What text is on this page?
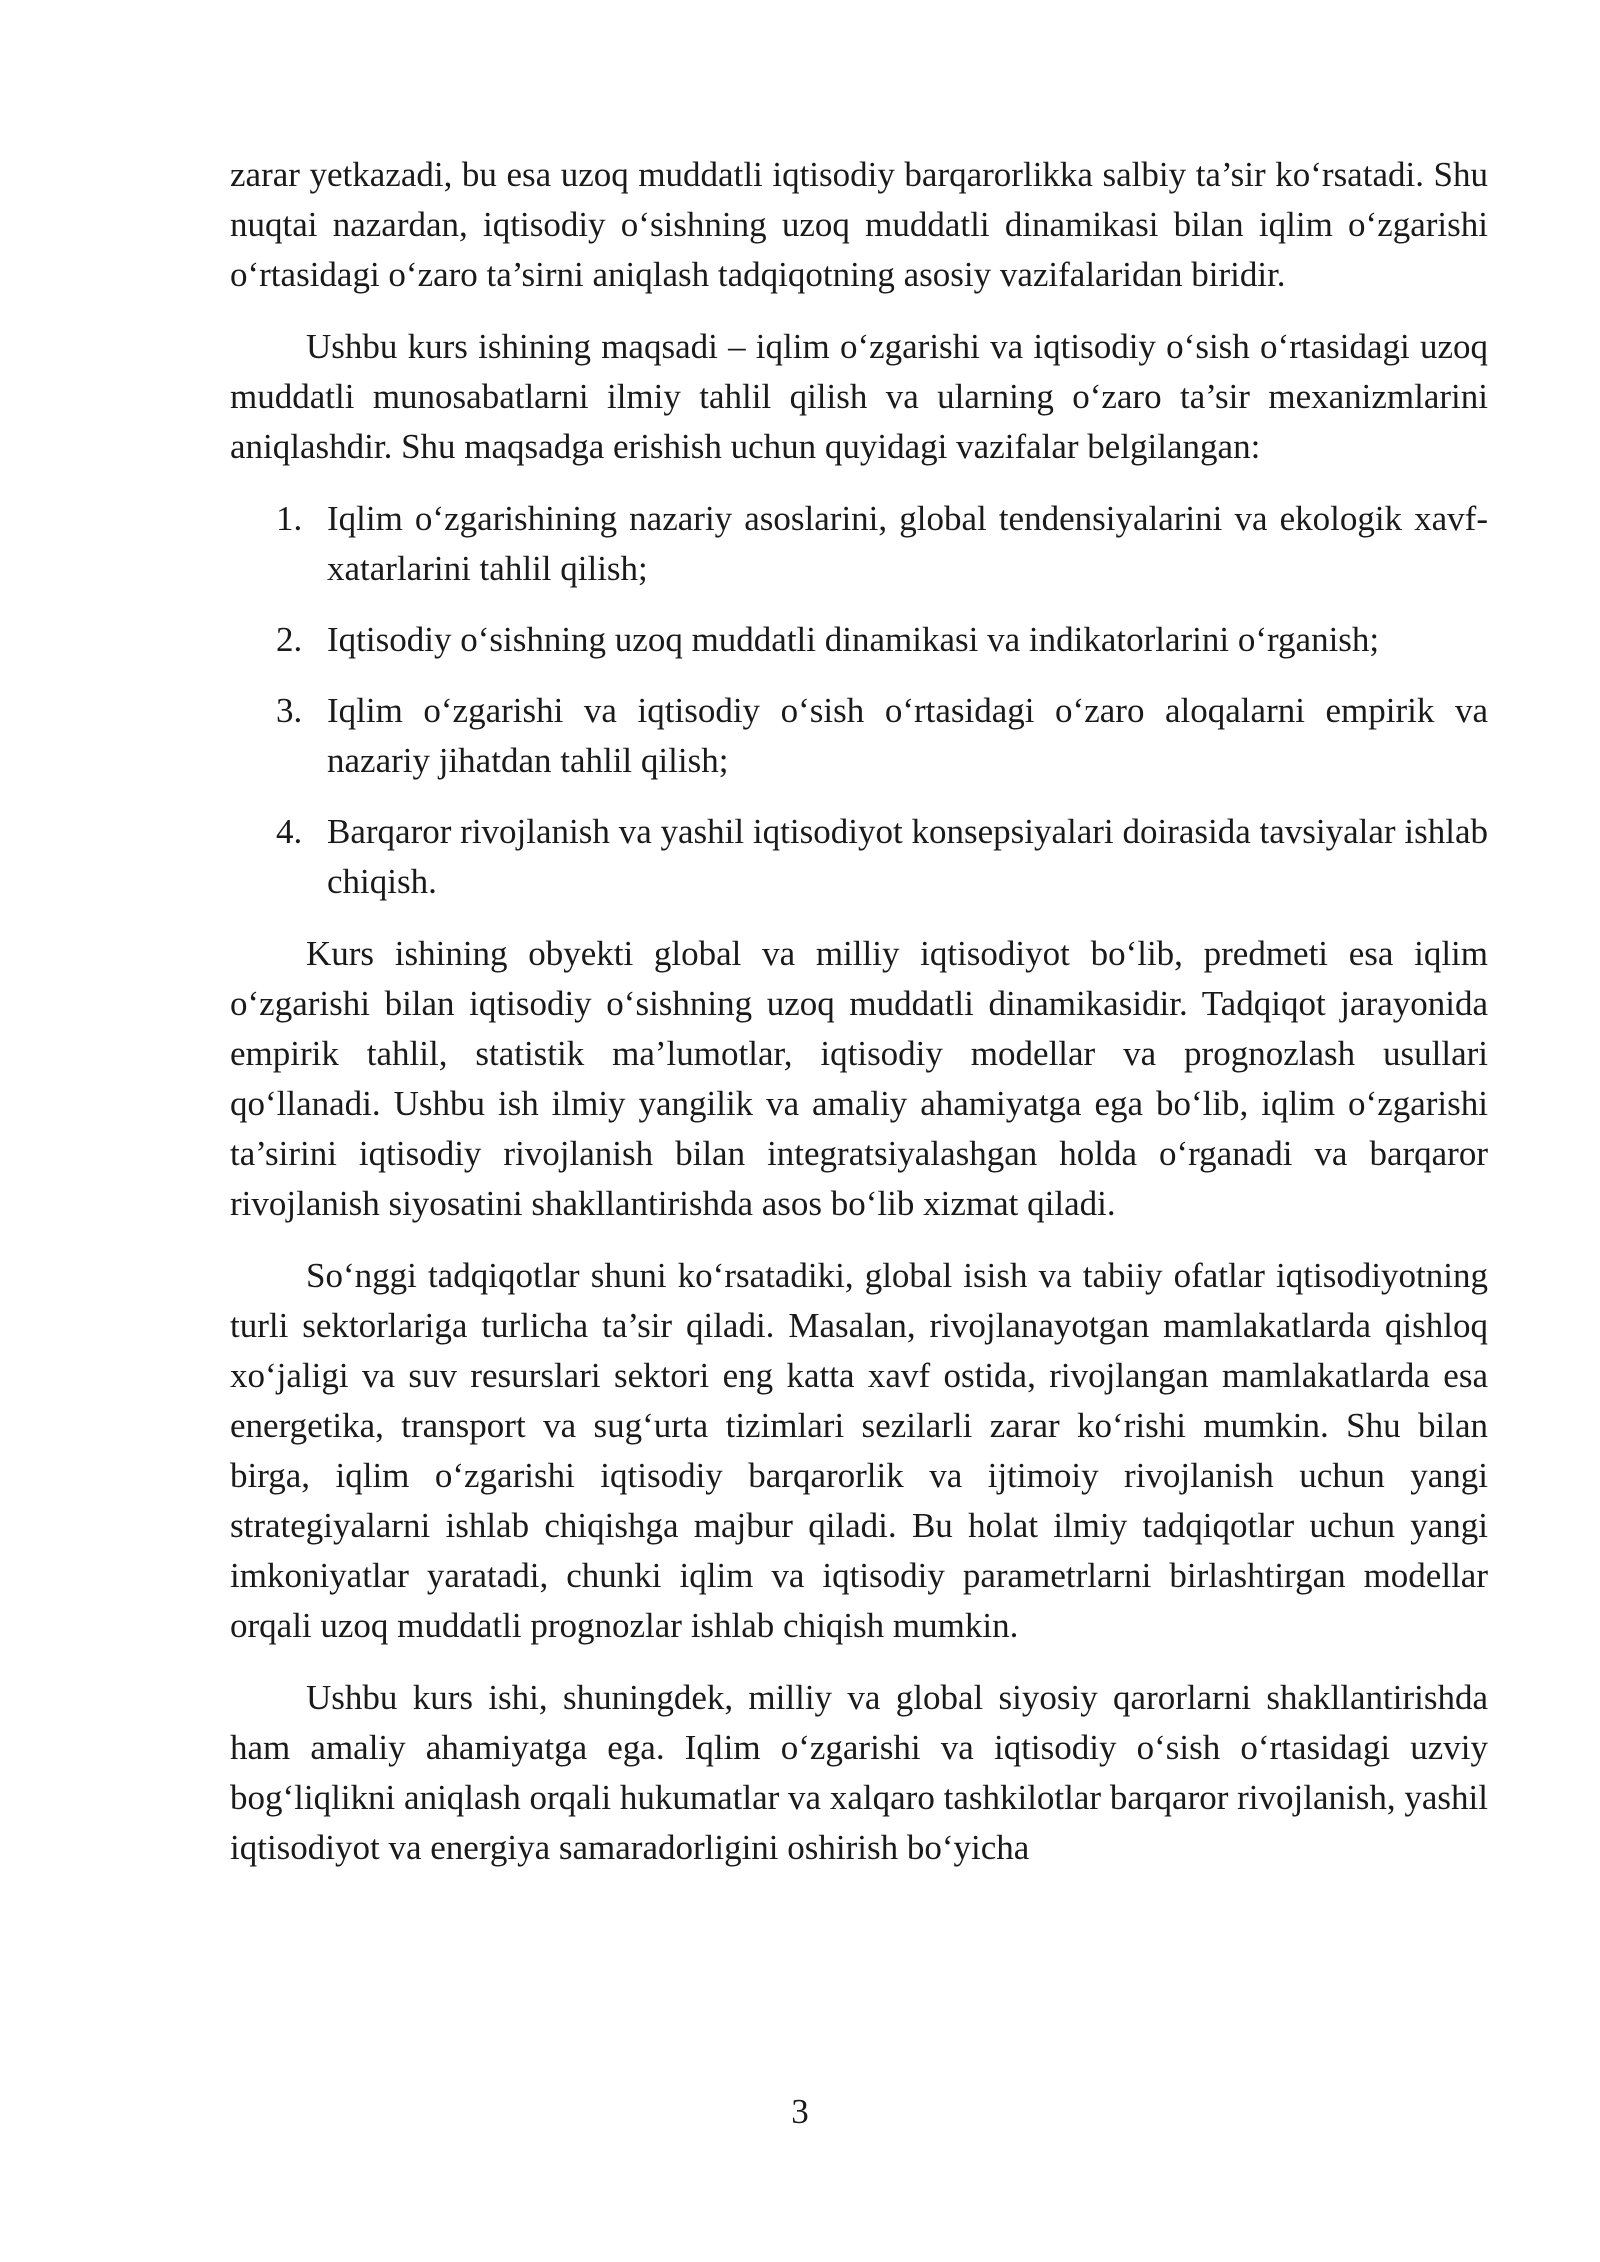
zarar yetkazadi, bu esa uzoq muddatli iqtisodiy barqarorlikka salbiy ta’sir ko‘rsatadi. Shu nuqtai nazardan, iqtisodiy o‘sishning uzoq muddatli dinamikasi bilan iqlim o‘zgarishi o‘rtasidagi o‘zaro ta’sirni aniqlash tadqiqotning asosiy vazifalaridan biridir.

Ushbu kurs ishining maqsadi – iqlim o‘zgarishi va iqtisodiy o‘sish o‘rtasidagi uzoq muddatli munosabatlarni ilmiy tahlil qilish va ularning o‘zaro ta’sir mexanizmlarini aniqlashdir. Shu maqsadga erishish uchun quyidagi vazifalar belgilangan:

1. Iqlim o‘zgarishining nazariy asoslarini, global tendensiyalarini va ekologik xavf-xatarlarini tahlil qilish;
2. Iqtisodiy o‘sishning uzoq muddatli dinamikasi va indikatorlarini o‘rganish;
3. Iqlim o‘zgarishi va iqtisodiy o‘sish o‘rtasidagi o‘zaro aloqalarni empirik va nazariy jihatdan tahlil qilish;
4. Barqaror rivojlanish va yashil iqtisodiyot konsepsiyalari doirasida tavsiyalar ishlab chiqish.

Kurs ishining obyekti global va milliy iqtisodiyot bo‘lib, predmeti esa iqlim o‘zgarishi bilan iqtisodiy o‘sishning uzoq muddatli dinamikasidir. Tadqiqot jarayonida empirik tahlil, statistik ma’lumotlar, iqtisodiy modellar va prognozlash usullari qo‘llanadi. Ushbu ish ilmiy yangilik va amaliy ahamiyatga ega bo‘lib, iqlim o‘zgarishi ta’sirini iqtisodiy rivojlanish bilan integratsiyalashgan holda o‘rganadi va barqaror rivojlanish siyosatini shakllantirishda asos bo‘lib xizmat qiladi.

So‘nggi tadqiqotlar shuni ko‘rsatadiki, global isish va tabiiy ofatlar iqtisodiyotning turli sektorlariga turlicha ta’sir qiladi. Masalan, rivojlanayotgan mamlakatlarda qishloq xo‘jaligi va suv resurslari sektori eng katta xavf ostida, rivojlangan mamlakatlarda esa energetika, transport va sug‘urta tizimlari sezilarli zarar ko‘rishi mumkin. Shu bilan birga, iqlim o‘zgarishi iqtisodiy barqarorlik va ijtimoiy rivojlanish uchun yangi strategiyalarni ishlab chiqishga majbur qiladi. Bu holat ilmiy tadqiqotlar uchun yangi imkoniyatlar yaratadi, chunki iqlim va iqtisodiy parametrlarni birlashtirgan modellar orqali uzoq muddatli prognozlar ishlab chiqish mumkin.

Ushbu kurs ishi, shuningdek, milliy va global siyosiy qarorlarni shakllantirishda ham amaliy ahamiyatga ega. Iqlim o‘zgarishi va iqtisodiy o‘sish o‘rtasidagi uzviy bog‘liqlikni aniqlash orqali hukumatlar va xalqaro tashkilotlar barqaror rivojlanish, yashil iqtisodiyot va energiya samaradorligini oshirish bo‘yicha

3
